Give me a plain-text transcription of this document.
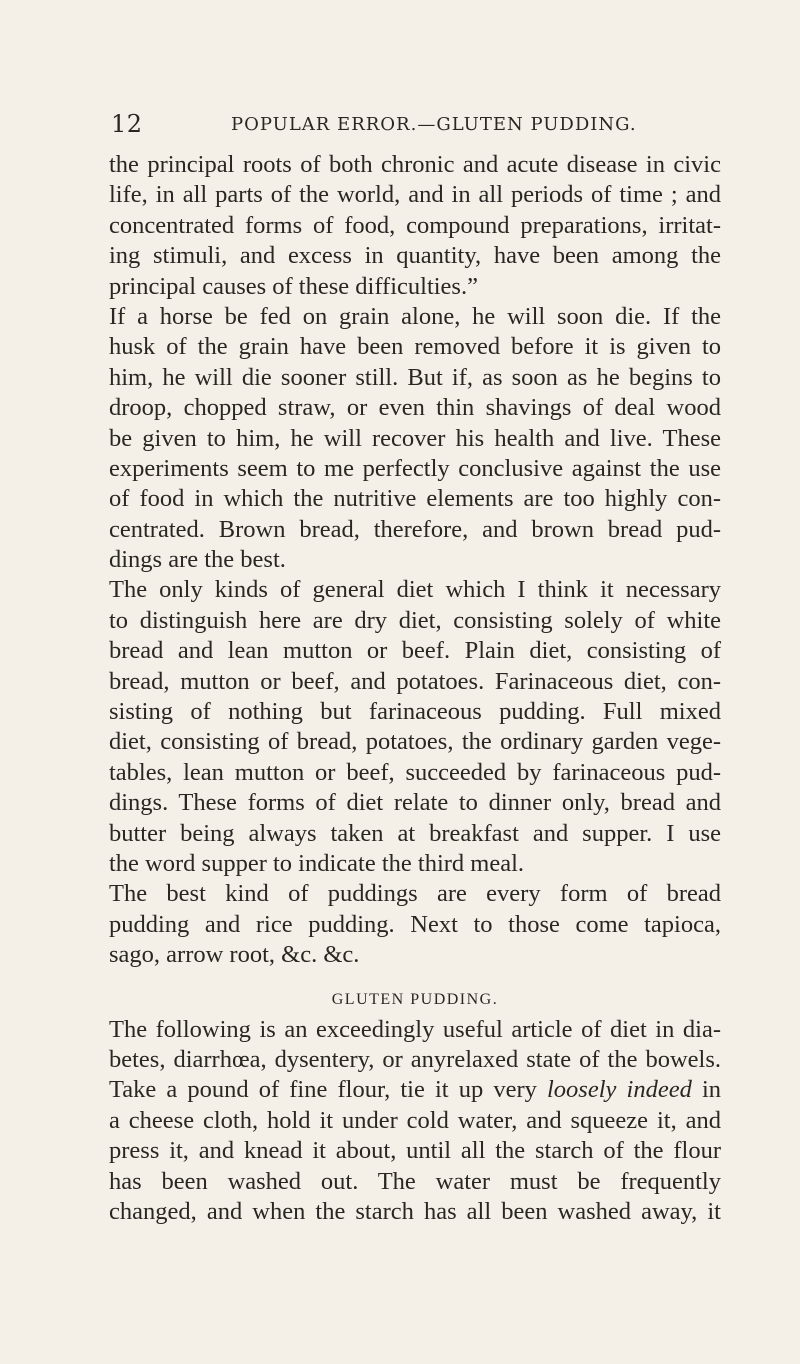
12	POPULAR ERROR.—GLUTEN PUDDING.
the principal roots of both chronic and acute disease in civic
life, in all parts of the world, and in all periods of time ; and
concentrated forms of food, compound preparations, irritat-
ing stimuli, and excess in quantity, have been among the
principal causes of these difficulties.”
If a horse be fed on grain alone, he will soon die. If the
husk of the grain have been removed before it is given to
him, he will die sooner still. But if, as soon as he begins to
droop, chopped straw, or even thin shavings of deal wood
be given to him, he will recover his health and live. These
experiments seem to me perfectly conclusive against the use
of food in which the nutritive elements are too highly con-
centrated. Brown bread, therefore, and brown bread pud-
dings are the best.
The only kinds of general diet which I think it necessary
to distinguish here are dry diet, consisting solely of white
bread and lean mutton or beef. Plain diet, consisting of
bread, mutton or beef, and potatoes. Farinaceous diet, con-
sisting of nothing but farinaceous pudding. Full mixed
diet, consisting of bread, potatoes, the ordinary garden vege-
tables, lean mutton or beef, succeeded by farinaceous pud-
dings. These forms of diet relate to dinner only, bread and
butter being always taken at breakfast and supper. I use
the word supper to indicate the third meal.
The best kind of puddings are every form of bread
pudding and rice pudding. Next to those come tapioca,
sago, arrow root, &c. &c.
GLUTEN PUDDING.
The following is an exceedingly useful article of diet in dia-
betes, diarrhœa, dysentery, or anyrelaxed state of the bowels.
Take a pound of fine flour, tie it up very loosely indeed in
a cheese cloth, hold it under cold water, and squeeze it, and
press it, and knead it about, until all the starch of the flour
has been washed out. The water must be frequently
changed, and when the starch has all been washed away, it
